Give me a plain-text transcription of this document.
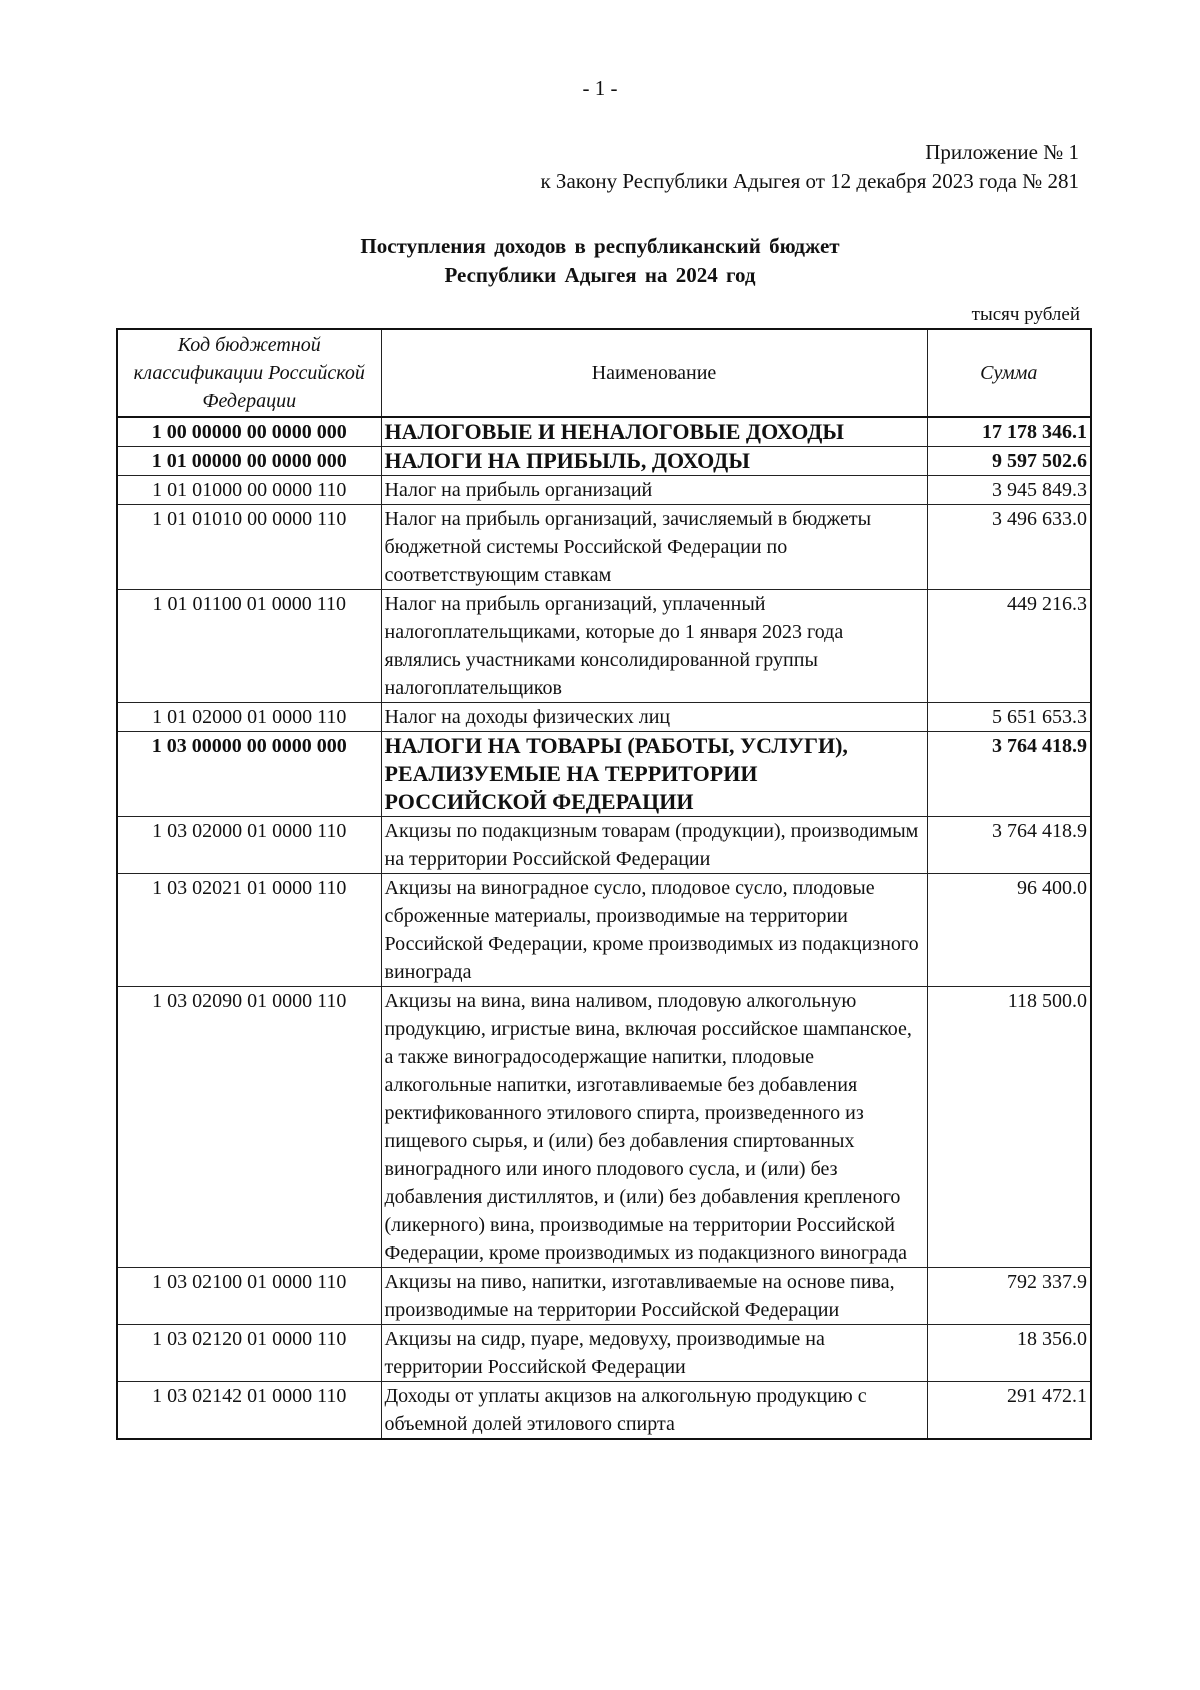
- 1 -
Приложение № 1
к Закону Республики Адыгея от 12 декабря 2023 года № 281
Поступления доходов в республиканский бюджет
Республики Адыгея на 2024 год
тысяч рублей
Код бюджетной классификации Российской Федерации	Наименование	Сумма
1 00 00000 00 0000 000	НАЛОГОВЫЕ И НЕНАЛОГОВЫЕ ДОХОДЫ	17 178 346.1
1 01 00000 00 0000 000	НАЛОГИ НА ПРИБЫЛЬ, ДОХОДЫ	9 597 502.6
1 01 01000 00 0000 110	Налог на прибыль организаций	3 945 849.3
1 01 01010 00 0000 110	Налог на прибыль организаций, зачисляемый в бюджеты бюджетной системы Российской Федерации по соответствующим ставкам	3 496 633.0
1 01 01100 01 0000 110	Налог на прибыль организаций, уплаченный налогоплательщиками, которые до 1 января 2023 года являлись участниками консолидированной группы налогоплательщиков	449 216.3
1 01 02000 01 0000 110	Налог на доходы физических лиц	5 651 653.3
1 03 00000 00 0000 000	НАЛОГИ НА ТОВАРЫ (РАБОТЫ, УСЛУГИ), РЕАЛИЗУЕМЫЕ НА ТЕРРИТОРИИ РОССИЙСКОЙ ФЕДЕРАЦИИ	3 764 418.9
1 03 02000 01 0000 110	Акцизы по подакцизным товарам (продукции), производимым на территории Российской Федерации	3 764 418.9
1 03 02021 01 0000 110	Акцизы на виноградное сусло, плодовое сусло, плодовые сброженные материалы, производимые на территории Российской Федерации, кроме производимых из подакцизного винограда	96 400.0
1 03 02090 01 0000 110	Акцизы на вина, вина наливом, плодовую алкогольную продукцию, игристые вина, включая российское шампанское, а также виноградосодержащие напитки, плодовые алкогольные напитки, изготавливаемые без добавления ректификованного этилового спирта, произведенного из пищевого сырья, и (или) без добавления спиртованных виноградного или иного плодового сусла, и (или) без добавления дистиллятов, и (или) без добавления крепленого (ликерного) вина, производимые на территории Российской Федерации, кроме производимых из подакцизного винограда	118 500.0
1 03 02100 01 0000 110	Акцизы на пиво, напитки, изготавливаемые на основе пива, производимые на территории Российской Федерации	792 337.9
1 03 02120 01 0000 110	Акцизы на сидр, пуаре, медовуху, производимые на территории Российской Федерации	18 356.0
1 03 02142 01 0000 110	Доходы от уплаты акцизов на алкогольную продукцию с объемной долей этилового спирта	291 472.1
